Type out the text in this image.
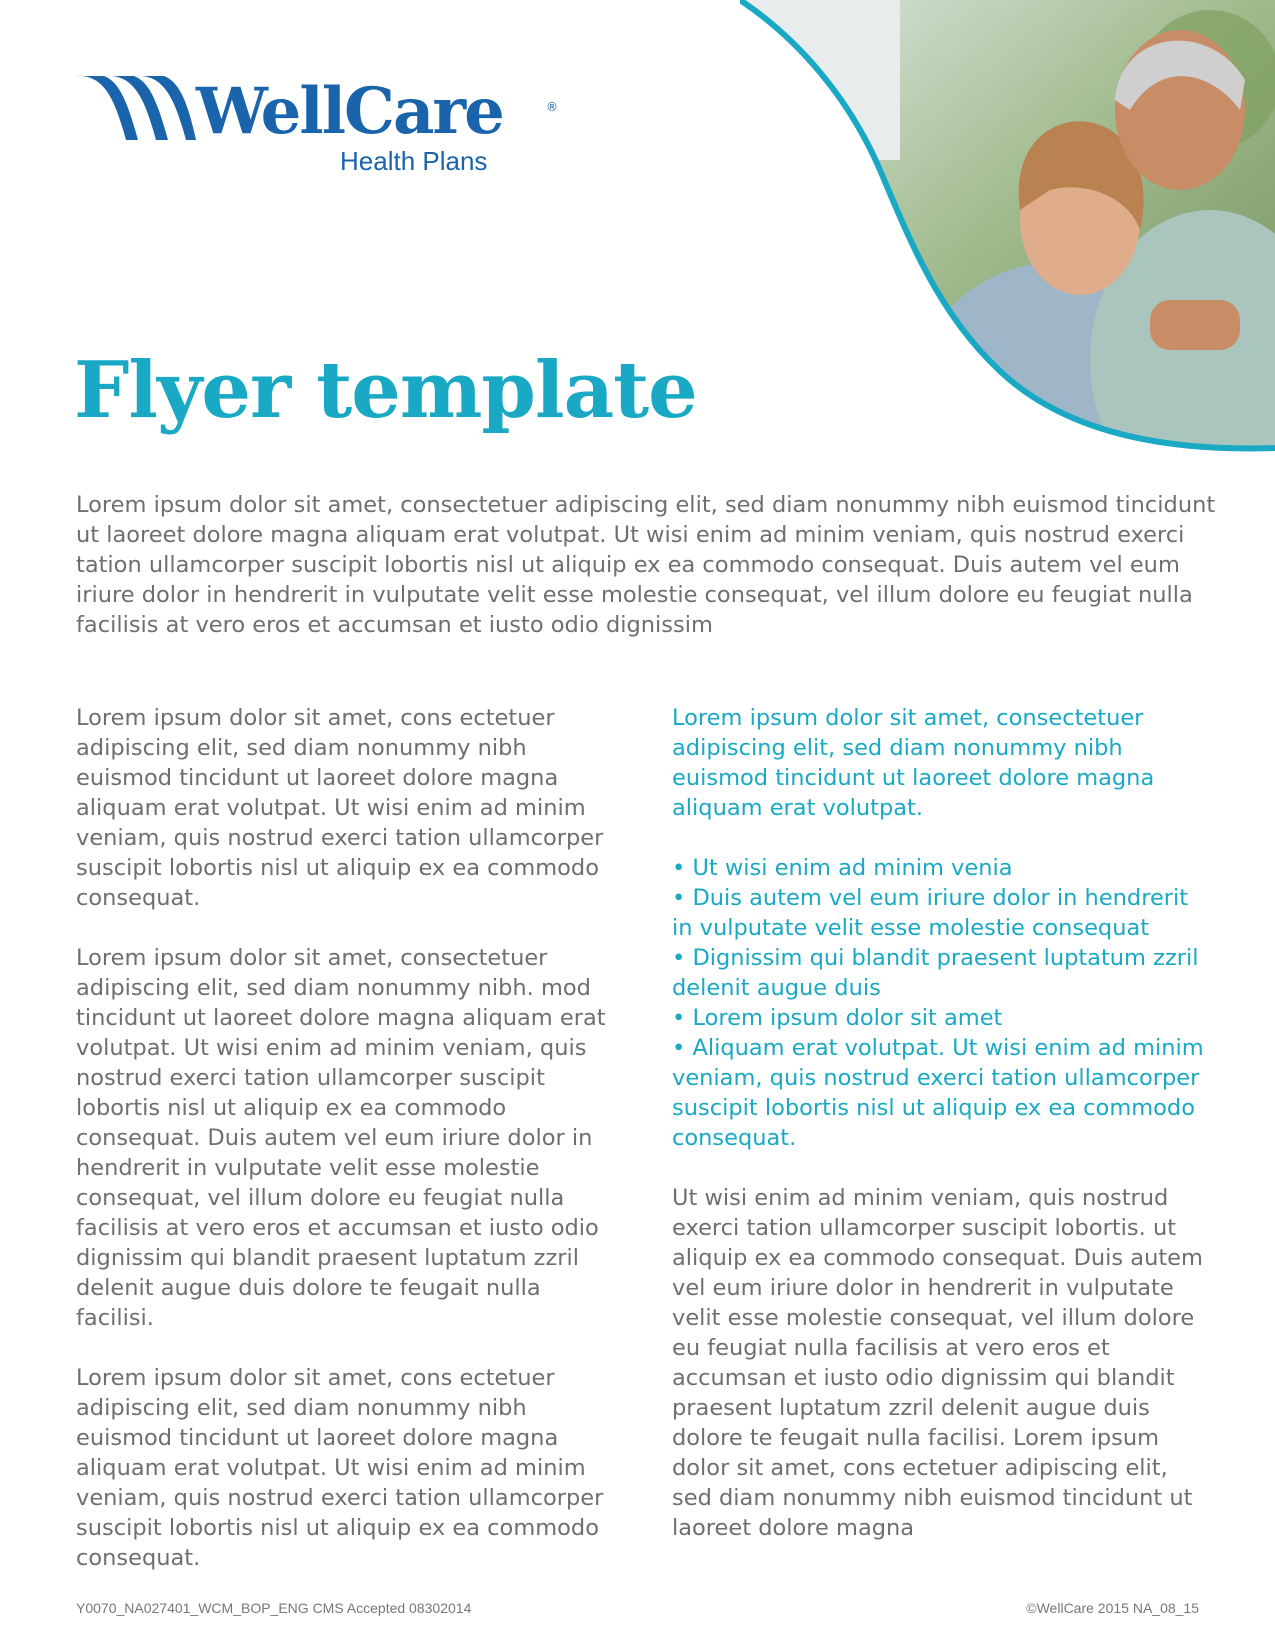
WellCare	®
Health Plans
Flyer template

Lorem ipsum dolor sit amet, consectetuer adipiscing elit, sed diam nonummy nibh euismod tincidunt ut laoreet dolore magna aliquam erat volutpat. Ut wisi enim ad minim veniam, quis nostrud exerci tation ullamcorper suscipit lobortis nisl ut aliquip ex ea commodo consequat. Duis autem vel eum iriure dolor in hendrerit in vulputate velit esse molestie consequat, vel illum dolore eu feugiat nulla facilisis at vero eros et accumsan et iusto odio dignissim

Lorem ipsum dolor sit amet, cons ectetuer adipiscing elit, sed diam nonummy nibh euismod tincidunt ut laoreet dolore magna aliquam erat volutpat. Ut wisi enim ad minim veniam, quis nostrud exerci tation ullamcorper suscipit lobortis nisl ut aliquip ex ea commodo consequat.

Lorem ipsum dolor sit amet, consectetuer adipiscing elit, sed diam nonummy nibh. mod tincidunt ut laoreet dolore magna aliquam erat volutpat. Ut wisi enim ad minim veniam, quis nostrud exerci tation ullamcorper suscipit lobortis nisl ut aliquip ex ea commodo consequat. Duis autem vel eum iriure dolor in hendrerit in vulputate velit esse molestie consequat, vel illum dolore eu feugiat nulla facilisis at vero eros et accumsan et iusto odio dignissim qui blandit praesent luptatum zzril delenit augue duis dolore te feugait nulla facilisi.

Lorem ipsum dolor sit amet, cons ectetuer adipiscing elit, sed diam nonummy nibh euismod tincidunt ut laoreet dolore magna aliquam erat volutpat. Ut wisi enim ad minim veniam, quis nostrud exerci tation ullamcorper suscipit lobortis nisl ut aliquip ex ea commodo consequat.

Lorem ipsum dolor sit amet, consectetuer adipiscing elit, sed diam nonummy nibh euismod tincidunt ut laoreet dolore magna aliquam erat volutpat.

• Ut wisi enim ad minim venia
• Duis autem vel eum iriure dolor in hendrerit in vulputate velit esse molestie consequat
• Dignissim qui blandit praesent luptatum zzril delenit augue duis
• Lorem ipsum dolor sit amet
• Aliquam erat volutpat. Ut wisi enim ad minim veniam, quis nostrud exerci tation ullamcorper suscipit lobortis nisl ut aliquip ex ea commodo consequat.

Ut wisi enim ad minim veniam, quis nostrud exerci tation ullamcorper suscipit lobortis. ut aliquip ex ea commodo consequat. Duis autem vel eum iriure dolor in hendrerit in vulputate velit esse molestie consequat, vel illum dolore eu feugiat nulla facilisis at vero eros et accumsan et iusto odio dignissim qui blandit praesent luptatum zzril delenit augue duis dolore te feugait nulla facilisi. Lorem ipsum dolor sit amet, cons ectetuer adipiscing elit, sed diam nonummy nibh euismod tincidunt ut laoreet dolore magna

Y0070_NA027401_WCM_BOP_ENG CMS Accepted 08302014	©WellCare 2015 NA_08_15
